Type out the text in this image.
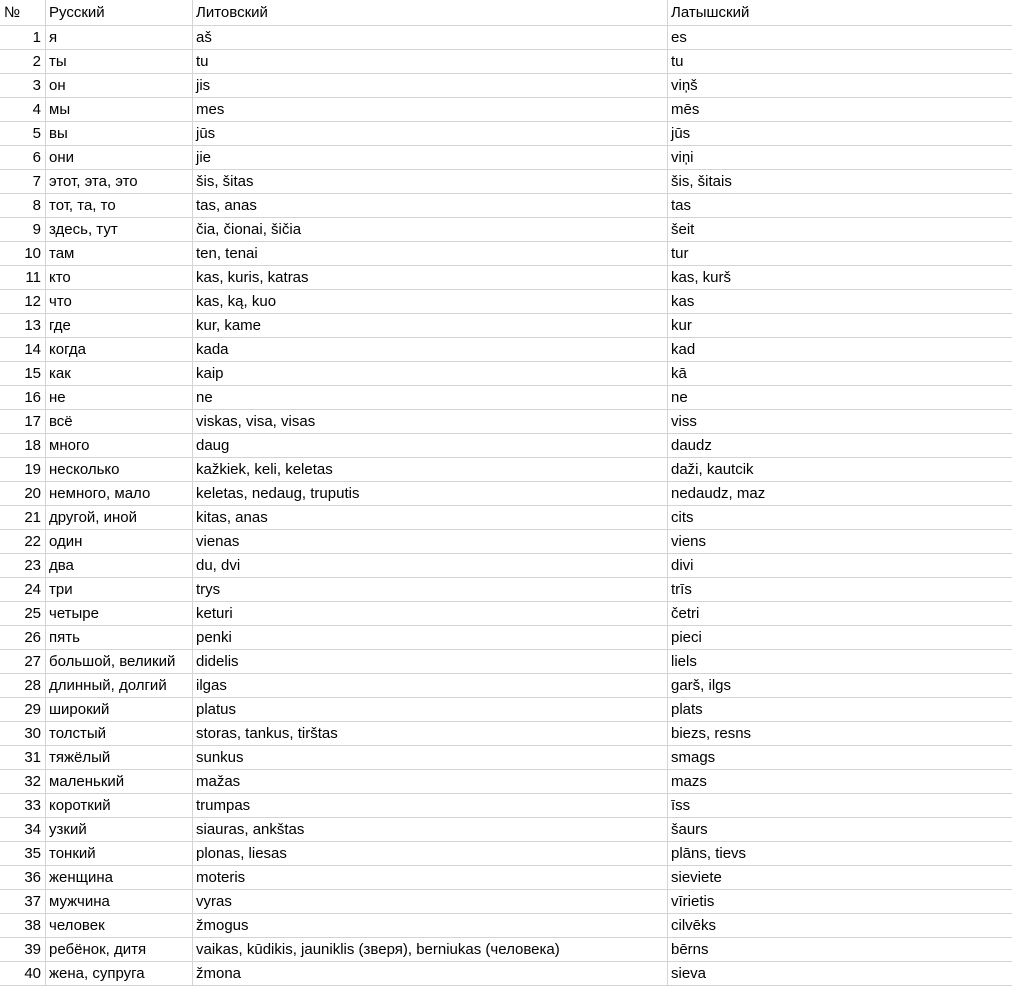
№	Русский	Литовский	Латышский
1 я	aš	es
2 ты	tu	tu
3 он	jis	viņš
4 мы	mes	mēs
5 вы	jūs	jūs
6 они	jie	viņi
7 этот, эта, это	šis, šitas	šis, šitais
8 тот, та, то	tas, anas	tas
9 здесь, тут	čia, čionai, šičia	šeit
10 там	ten, tenai	tur
11 кто	kas, kuris, katras	kas, kurš
12 что	kas, ką, kuo	kas
13 где	kur, kame	kur
14 когда	kada	kad
15 как	kaip	kā
16 не	ne	ne
17 всё	viskas, visa, visas	viss
18 много	daug	daudz
19 несколько	kažkiek, keli, keletas	daži, kautcik
20 немного, мало	keletas, nedaug, truputis	nedaudz, maz
21 другой, иной	kitas, anas	cits
22 один	vienas	viens
23 два	du, dvi	divi
24 три	trys	trīs
25 четыре	keturi	četri
26 пять	penki	pieci
27 большой, великий	didelis	liels
28 длинный, долгий	ilgas	garš, ilgs
29 широкий	platus	plats
30 толстый	storas, tankus, tirštas	biezs, resns
31 тяжёлый	sunkus	smags
32 маленький	mažas	mazs
33 короткий	trumpas	īss
34 узкий	siauras, ankštas	šaurs
35 тонкий	plonas, liesas	plāns, tievs
36 женщина	moteris	sieviete
37 мужчина	vyras	vīrietis
38 человек	žmogus	cilvēks
39 ребёнок, дитя	vaikas, kūdikis, jauniklis (зверя), berniukas (человека)	bērns
40 жена, супруга	žmona	sieva
